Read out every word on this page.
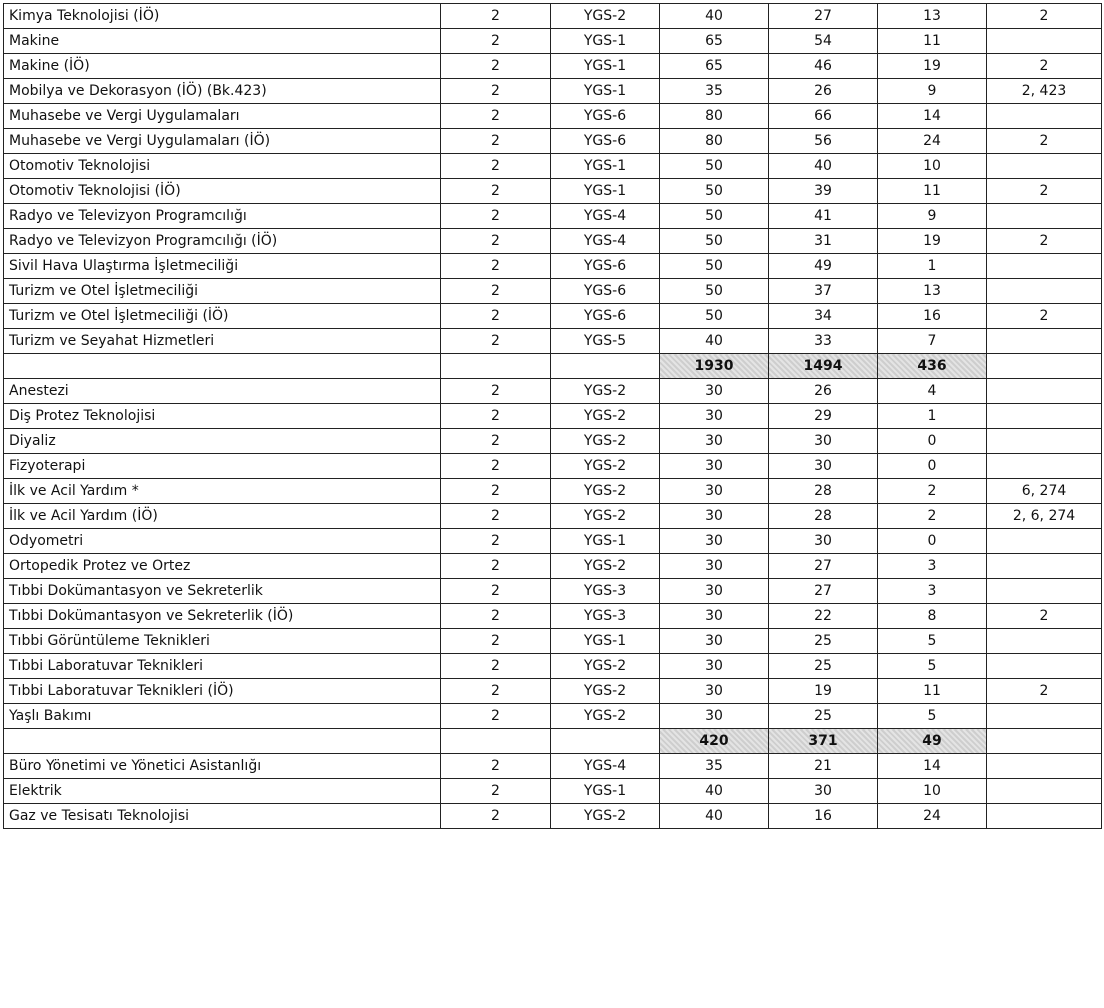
Kimya Teknolojisi (İÖ)	2	YGS-2	40	27	13	2
Makine	2	YGS-1	65	54	11	
Makine (İÖ)	2	YGS-1	65	46	19	2
Mobilya ve Dekorasyon (İÖ) (Bk.423)	2	YGS-1	35	26	9	2, 423
Muhasebe ve Vergi Uygulamaları	2	YGS-6	80	66	14	
Muhasebe ve Vergi Uygulamaları (İÖ)	2	YGS-6	80	56	24	2
Otomotiv Teknolojisi	2	YGS-1	50	40	10	
Otomotiv Teknolojisi (İÖ)	2	YGS-1	50	39	11	2
Radyo ve Televizyon Programcılığı	2	YGS-4	50	41	9	
Radyo ve Televizyon Programcılığı (İÖ)	2	YGS-4	50	31	19	2
Sivil Hava Ulaştırma İşletmeciliği	2	YGS-6	50	49	1	
Turizm ve Otel İşletmeciliği	2	YGS-6	50	37	13	
Turizm ve Otel İşletmeciliği (İÖ)	2	YGS-6	50	34	16	2
Turizm ve Seyahat Hizmetleri	2	YGS-5	40	33	7	
			1930	1494	436	
Anestezi	2	YGS-2	30	26	4	
Diş Protez Teknolojisi	2	YGS-2	30	29	1	
Diyaliz	2	YGS-2	30	30	0	
Fizyoterapi	2	YGS-2	30	30	0	
İlk ve Acil Yardım *	2	YGS-2	30	28	2	6, 274
İlk ve Acil Yardım (İÖ)	2	YGS-2	30	28	2	2, 6, 274
Odyometri	2	YGS-1	30	30	0	
Ortopedik Protez ve Ortez	2	YGS-2	30	27	3	
Tıbbi Dokümantasyon ve Sekreterlik	2	YGS-3	30	27	3	
Tıbbi Dokümantasyon ve Sekreterlik (İÖ)	2	YGS-3	30	22	8	2
Tıbbi Görüntüleme Teknikleri	2	YGS-1	30	25	5	
Tıbbi Laboratuvar Teknikleri	2	YGS-2	30	25	5	
Tıbbi Laboratuvar Teknikleri (İÖ)	2	YGS-2	30	19	11	2
Yaşlı Bakımı	2	YGS-2	30	25	5	
			420	371	49	
Büro Yönetimi ve Yönetici Asistanlığı	2	YGS-4	35	21	14	
Elektrik	2	YGS-1	40	30	10	
Gaz ve Tesisatı Teknolojisi	2	YGS-2	40	16	24	
